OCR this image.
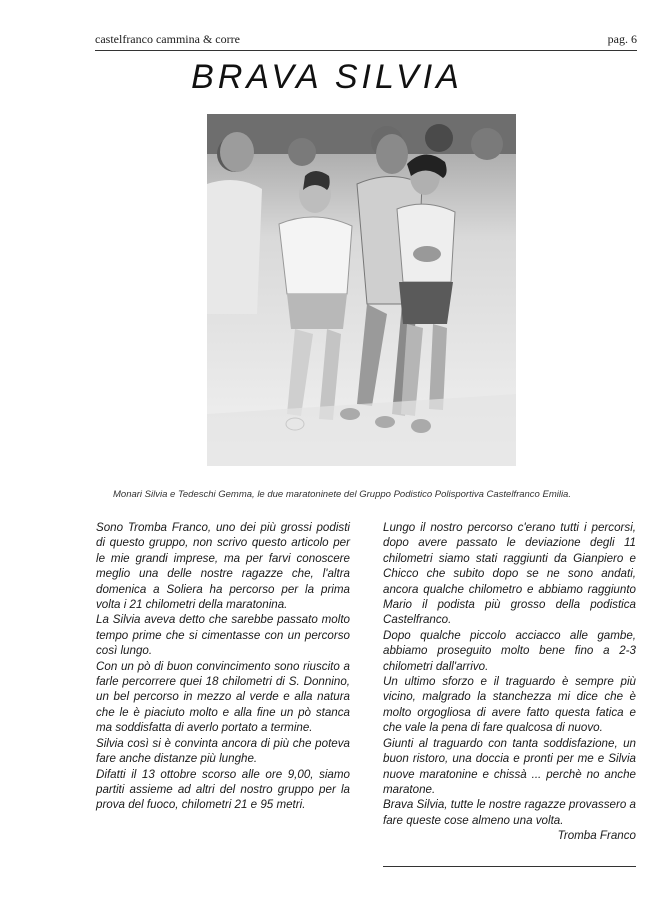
castelfranco cammina & corre	pag. 6
BRAVA SILVIA
Monari Silvia e Tedeschi Gemma, le due maratoninete del Gruppo Podistico Polisportiva Castelfranco Emilia.

Sono Tromba Franco, uno dei più grossi podisti di questo gruppo, non scrivo questo articolo per le mie grandi imprese, ma per farvi conoscere meglio una delle nostre ragazze che, l'altra domenica a Soliera ha percorso per la prima volta i 21 chilometri della maratonina.

La Silvia aveva detto che sarebbe passato molto tempo prime che si cimentasse con un percorso così lungo.

Con un pò di buon convincimento sono riuscito a farle percorrere quei 18 chilometri di S. Donnino, un bel percorso in mezzo al verde e alla natura che le è piaciuto molto e alla fine un pò stanca ma soddisfatta di averlo portato a termine.

Silvia così si è convinta ancora di più che poteva fare anche distanze più lunghe.

Difatti il 13 ottobre scorso alle ore 9,00, siamo partiti assieme ad altri del nostro gruppo per la prova del fuoco, chilometri 21 e 95 metri.

Lungo il nostro percorso c'erano tutti i percorsi, dopo avere passato le deviazione degli 11 chilometri siamo stati raggiunti da Gianpiero e Chicco che subito dopo se ne sono andati, ancora qualche chilometro e abbiamo raggiunto Mario il podista più grosso della podistica Castelfranco.

Dopo qualche piccolo acciacco alle gambe, abbiamo proseguito molto bene fino a 2-3 chilometri dall'arrivo.

Un ultimo sforzo e il traguardo è sempre più vicino, malgrado la stanchezza mi dice che è molto orgogliosa di avere fatto questa fatica e che vale la pena di fare qualcosa di nuovo.

Giunti al traguardo con tanta soddisfazione, un buon ristoro, una doccia e pronti per me e Silvia nuove maratonine e chissà ... perchè no anche maratone.

Brava Silvia, tutte le nostre ragazze provassero a fare queste cose almeno una volta.

Tromba Franco
